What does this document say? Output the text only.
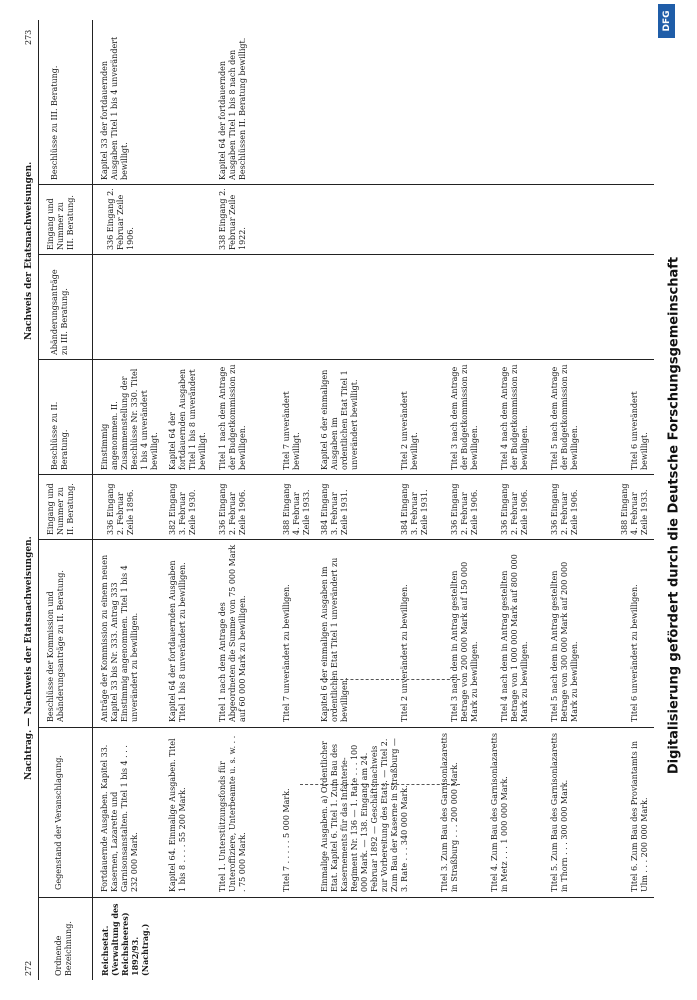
272
Nachtrag. — Nachweis der Etatsnachweisungen.
Nachweis der Etatsnachweisungen.
273
Ordnende Bezeichnung.
Gegenstand der Veranschlagung.
Beschlüsse der Kommission und Abänderungsanträge zu II. Beratung.
Eingang und Nummer zu II. Beratung.
Beschlüsse zu II. Beratung.
Abänderungsanträge zu III. Beratung.
Eingang und Nummer zu III. Beratung.
Beschlüsse zu III. Beratung.
Reichsetat. (Verwaltung des Reichsheeres) 1892/93. (Nachtrag.)
Fortdauernde Ausgaben. Kapitel 33. Kasernen, Lazarette und Garnisonsanstalten. Titel 1 bis 4 . . . 232 000 Mark.
Anträge der Kommission zu einem neuen Kapitel 33 bis Nr. 333. Antrag 333 Einstimmig angenommen. Titel 1 bis 4 unverändert zu bewilligen.
336 Eingang 2. Februar Zeile 1896.
Einstimmig angenommen. II. Zusammenstellung der Beschlüsse Nr. 330. Titel 1 bis 4 unverändert bewilligt.
336 Eingang 2. Februar Zeile 1906.
Kapitel 33 der fortdauernden Ausgaben Titel 1 bis 4 unverändert bewilligt.
Kapitel 64. Einmalige Ausgaben. Titel 1 bis 8 . . . . 55 200 Mark.
Kapitel 64 der fortdauernden Ausgaben Titel 1 bis 8 unverändert zu bewilligen.
382 Eingang 3. Februar Zeile 1930.
Kapitel 64 der fortdauernden Ausgaben Titel 1 bis 8 unverändert bewilligt.
Titel 1. Unterstützungsfonds für Unteroffiziere, Unterbeamte u. s. w. . . . 75 000 Mark.
Titel 1 nach dem Antrage des Abgeordneten die Summe von 75 000 Mark auf 60 000 Mark zu bewilligen.
336 Eingang 2. Februar Zeile 1906.
Titel 1 nach dem Antrage der Budgetkommission zu bewilligen.
338 Eingang 2. Februar Zeile 1922.
Kapitel 64 der fortdauernden Ausgaben Titel 1 bis 8 nach den Beschlüssen II. Beratung bewilligt.
Titel 7 . . . . . 5 000 Mark.
Titel 7 unverändert zu bewilligen.
388 Eingang 4. Februar Zeile 1933.
Titel 7 unverändert bewilligt.
Einmalige Ausgaben. a) Ordentlicher Etat. Kapitel 6. Titel 1. Zum Bau des Kasernements für das Infanterie-Regiment Nr. 136 — 1. Rate . . . 100 000 Mark. — 138. Eingang am 24. Februar 1892 — Geschäftsnachweis zur Vorbereitung des Etats. — Titel 2. Zum Bau der Kaserne in Straßburg — 3. Rate . . . 340 000 Mark.
Kapitel 6 der einmaligen Ausgaben im ordentlichen Etat Titel 1 unverändert zu bewilligen.
384 Eingang 3. Februar Zeile 1931.
Kapitel 6 der einmaligen Ausgaben im ordentlichen Etat Titel 1 unverändert bewilligt.
Titel 3. Zum Bau des Garnisonlazaretts in Straßburg . . . 200 000 Mark.
Titel 2 unverändert zu bewilligen.
384 Eingang 3. Februar Zeile 1931.
Titel 2 unverändert bewilligt.
Titel 4. Zum Bau des Garnisonlazaretts in Metz . . . 1 000 000 Mark.
Titel 3 nach dem in Antrag gestellten Betrage von 200 000 Mark auf 150 000 Mark zu bewilligen.
336 Eingang 2. Februar Zeile 1906.
Titel 3 nach dem Antrage der Budgetkommission zu bewilligen.
Titel 5. Zum Bau des Garnisonlazaretts in Thorn . . . 300 000 Mark.
Titel 4 nach dem in Antrag gestellten Betrage von 1 000 000 Mark auf 800 000 Mark zu bewilligen.
336 Eingang 2. Februar Zeile 1906.
Titel 4 nach dem Antrage der Budgetkommission zu bewilligen.
Titel 6. Zum Bau des Proviantamts in Ulm . . . 200 000 Mark.
Titel 5 nach dem in Antrag gestellten Betrage von 300 000 Mark auf 200 000 Mark zu bewilligen.
336 Eingang 2. Februar Zeile 1906.
Titel 5 nach dem Antrage der Budgetkommission zu bewilligen.
Titel 6 unverändert zu bewilligen.
388 Eingang 4. Februar Zeile 1933.
Titel 6 unverändert bewilligt.
DFG
Digitalisierung gefördert durch die Deutsche Forschungsgemeinschaft
